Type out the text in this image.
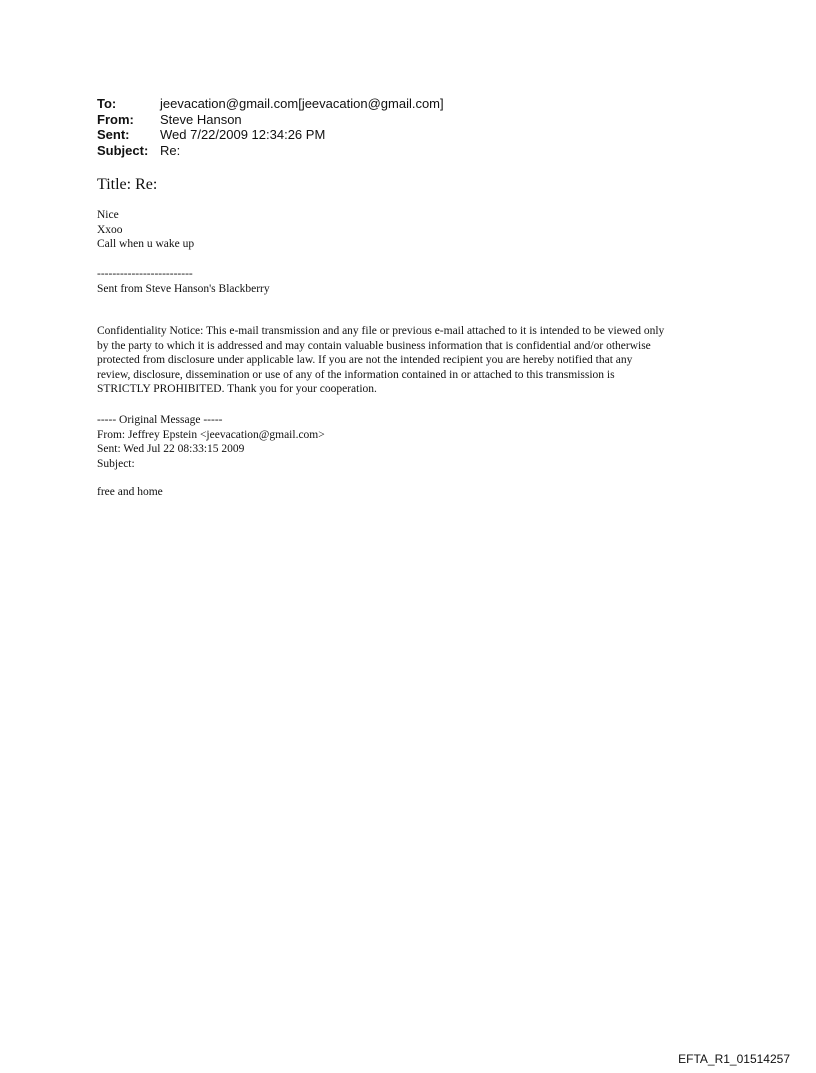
To:	jeevacation@gmail.com[jeevacation@gmail.com]
From:	Steve Hanson
Sent:	Wed 7/22/2009 12:34:26 PM
Subject: Re:
Title: Re:
Nice
Xxoo
Call when u wake up
-------------------------
Sent from Steve Hanson's Blackberry
Confidentiality Notice: This e-mail transmission and any file or previous e-mail attached to it is intended to be viewed only
by the party to which it is addressed and may contain valuable business information that is confidential and/or otherwise
protected from disclosure under applicable law. If you are not the intended recipient you are hereby notified that any
review, disclosure, dissemination or use of any of the information contained in or attached to this transmission is
STRICTLY PROHIBITED. Thank you for your cooperation.
----- Original Message -----
From: Jeffrey Epstein <jeevacation@gmail.com>
Sent: Wed Jul 22 08:33:15 2009
Subject:
free and home
EFTA_R1_01514257
